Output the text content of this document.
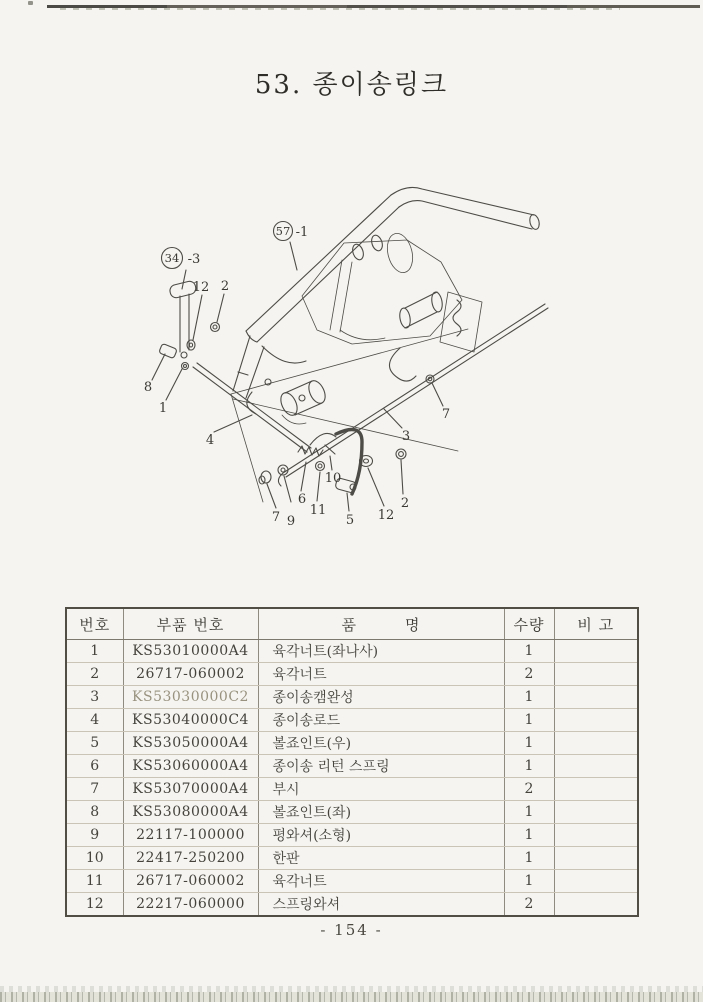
53. 종이송링크
34 -3
57 -1
12 2
8
1
4	3
7
7 9
6
11
10
5 12
2
번호	부품 번호	품　　　명	수량	비 고
1	KS53010000A4	육각너트(좌나사)	1	
2	26717-060002	육각너트	2	
3	KS53030000C2	종이송캠완성	1	
4	KS53040000C4	종이송로드	1	
5	KS53050000A4	볼죠인트(우)	1	
6	KS53060000A4	종이송 리턴 스프링	1	
7	KS53070000A4	부시	2	
8	KS53080000A4	볼죠인트(좌)	1	
9	22117-100000	평와셔(소형)	1	
10	22417-250200	한판	1	
11	26717-060002	육각너트	1	
12	22217-060000	스프링와셔	2	
- 154 -
